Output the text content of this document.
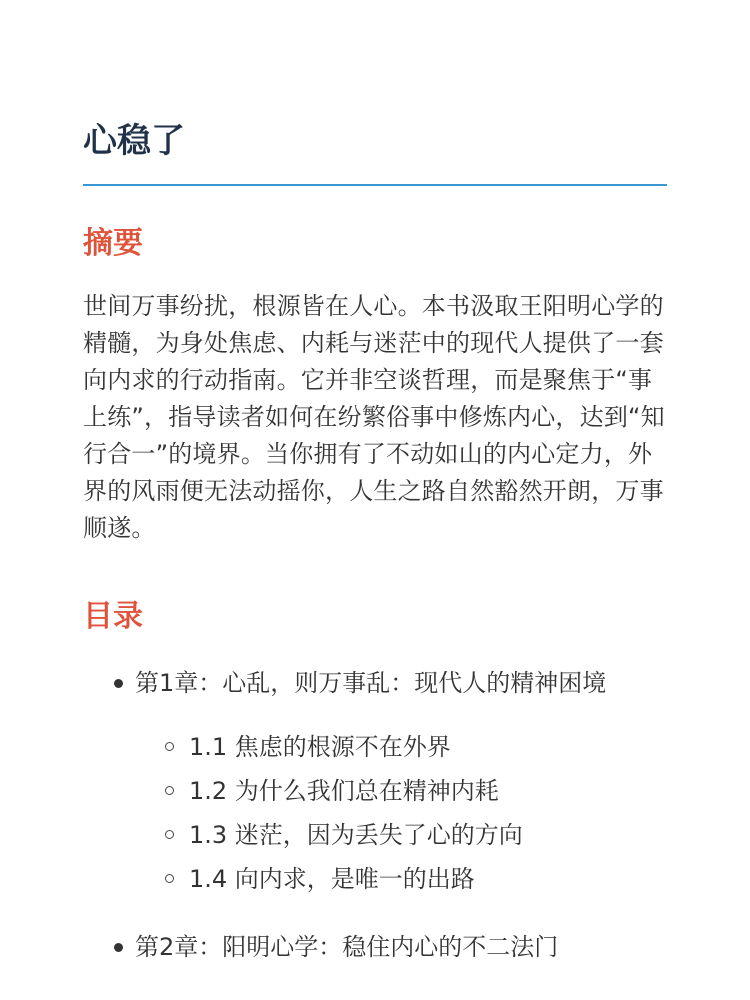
心稳了
摘要

世间万事纷扰，根源皆在人心。本书汲取王阳明心学的精髓，为身处焦虑、内耗与迷茫中的现代人提供了一套向内求的行动指南。它并非空谈哲理，而是聚焦于“事上练”，指导读者如何在纷繁俗事中修炼内心，达到“知行合一”的境界。当你拥有了不动如山的内心定力，外界的风雨便无法动摇你，人生之路自然豁然开朗，万事顺遂。

目录
第1章：心乱，则万事乱：现代人的精神困境
1.1 焦虑的根源不在外界
1.2 为什么我们总在精神内耗
1.3 迷茫，因为丢失了心的方向
1.4 向内求，是唯一的出路
第2章：阳明心学：稳住内心的不二法门
